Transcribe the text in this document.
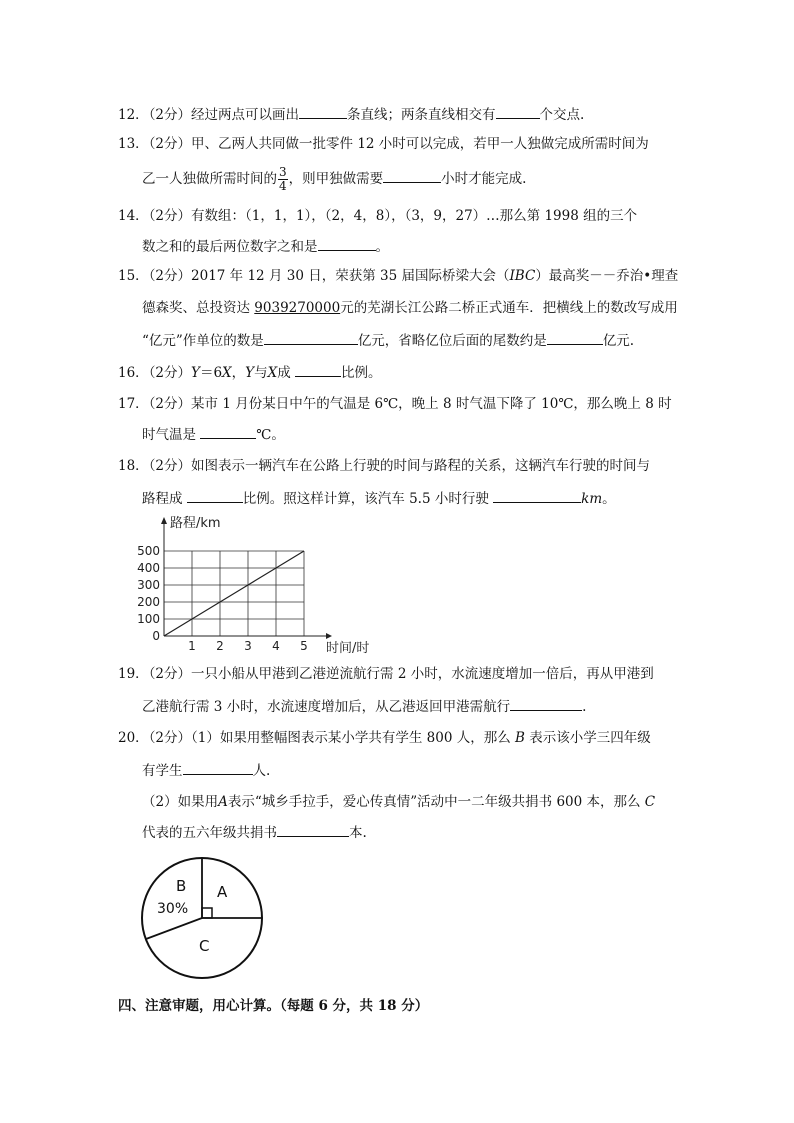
12．（2分）经过两点可以画出	条直线；两条直线相交有	个交点.
13．（2分）甲、乙两人共同做一批零件 12 小时可以完成，若甲一人独做完成所需时间为
乙一人独做所需时间的 $\frac{3}{4}$ ，则甲独做需要	小时才能完成.
14．（2分）有数组：（1，1，1），（2，4，8），（3，9，27）…那么第 1998 组的三个
数之和的最后两位数字之和是	。
15．（2分）2017 年 12 月 30 日，荣获第 35 届国际桥梁大会（IBC）最高奖－－乔治•理查
德森奖、总投资达 9039270000元的芜湖长江公路二桥正式通车．把横线上的数改写成用
“亿元”作单位的数是	亿元，省略亿位后面的尾数约是	亿元.
16．（2分）Y＝6X，Y与X成	比例。
17．（2分）某市 1 月份某日中午的气温是 6℃，晚上 8 时气温下降了 10℃，那么晚上 8 时
时气温是	℃。
18．（2分）如图表示一辆汽车在公路上行驶的时间与路程的关系，这辆汽车行驶的时间与
路程成	比例。照这样计算，该汽车 5.5 小时行驶	km。
路程/km
时间/时
0
100
200
300
400
500
1 2 3 4 5
19．（2分）一只小船从甲港到乙港逆流航行需 2 小时，水流速度增加一倍后，再从甲港到
乙港航行需 3 小时，水流速度增加后，从乙港返回甲港需航行	.
20．（2分）（1）如果用整幅图表示某小学共有学生 800 人，那么 B 表示该小学三四年级
有学生	人.
（2）如果用A表示“城乡手拉手，爱心传真情”活动中一二年级共捐书 600 本，那么 C
代表的五六年级共捐书	本.
B
30%
A
C
四、注意审题，用心计算。（每题 6 分，共 18 分）
